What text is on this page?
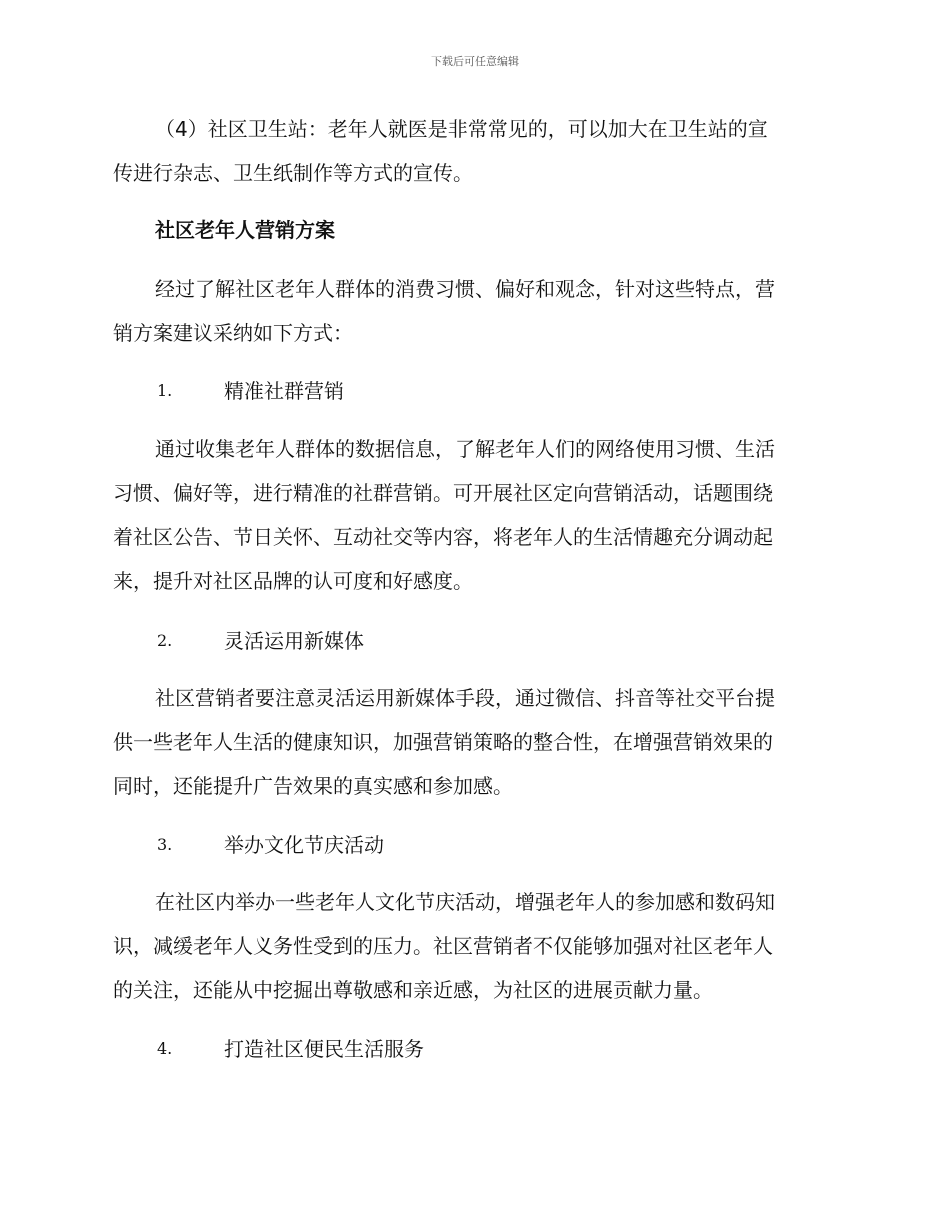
下载后可任意编辑
（4）社区卫生站：老年人就医是非常常见的，可以加大在卫生站的宣
传进行杂志、卫生纸制作等方式的宣传。
社区老年人营销方案
经过了解社区老年人群体的消费习惯、偏好和观念，针对这些特点，营
销方案建议采纳如下方式：
1.	精准社群营销
通过收集老年人群体的数据信息，了解老年人们的网络使用习惯、生活
习惯、偏好等，进行精准的社群营销。可开展社区定向营销活动，话题围绕
着社区公告、节日关怀、互动社交等内容，将老年人的生活情趣充分调动起
来，提升对社区品牌的认可度和好感度。
2.	灵活运用新媒体
社区营销者要注意灵活运用新媒体手段，通过微信、抖音等社交平台提
供一些老年人生活的健康知识，加强营销策略的整合性，在增强营销效果的
同时，还能提升广告效果的真实感和参加感。
3.	举办文化节庆活动
在社区内举办一些老年人文化节庆活动，增强老年人的参加感和数码知
识，减缓老年人义务性受到的压力。社区营销者不仅能够加强对社区老年人
的关注，还能从中挖掘出尊敬感和亲近感，为社区的进展贡献力量。
4.	打造社区便民生活服务
